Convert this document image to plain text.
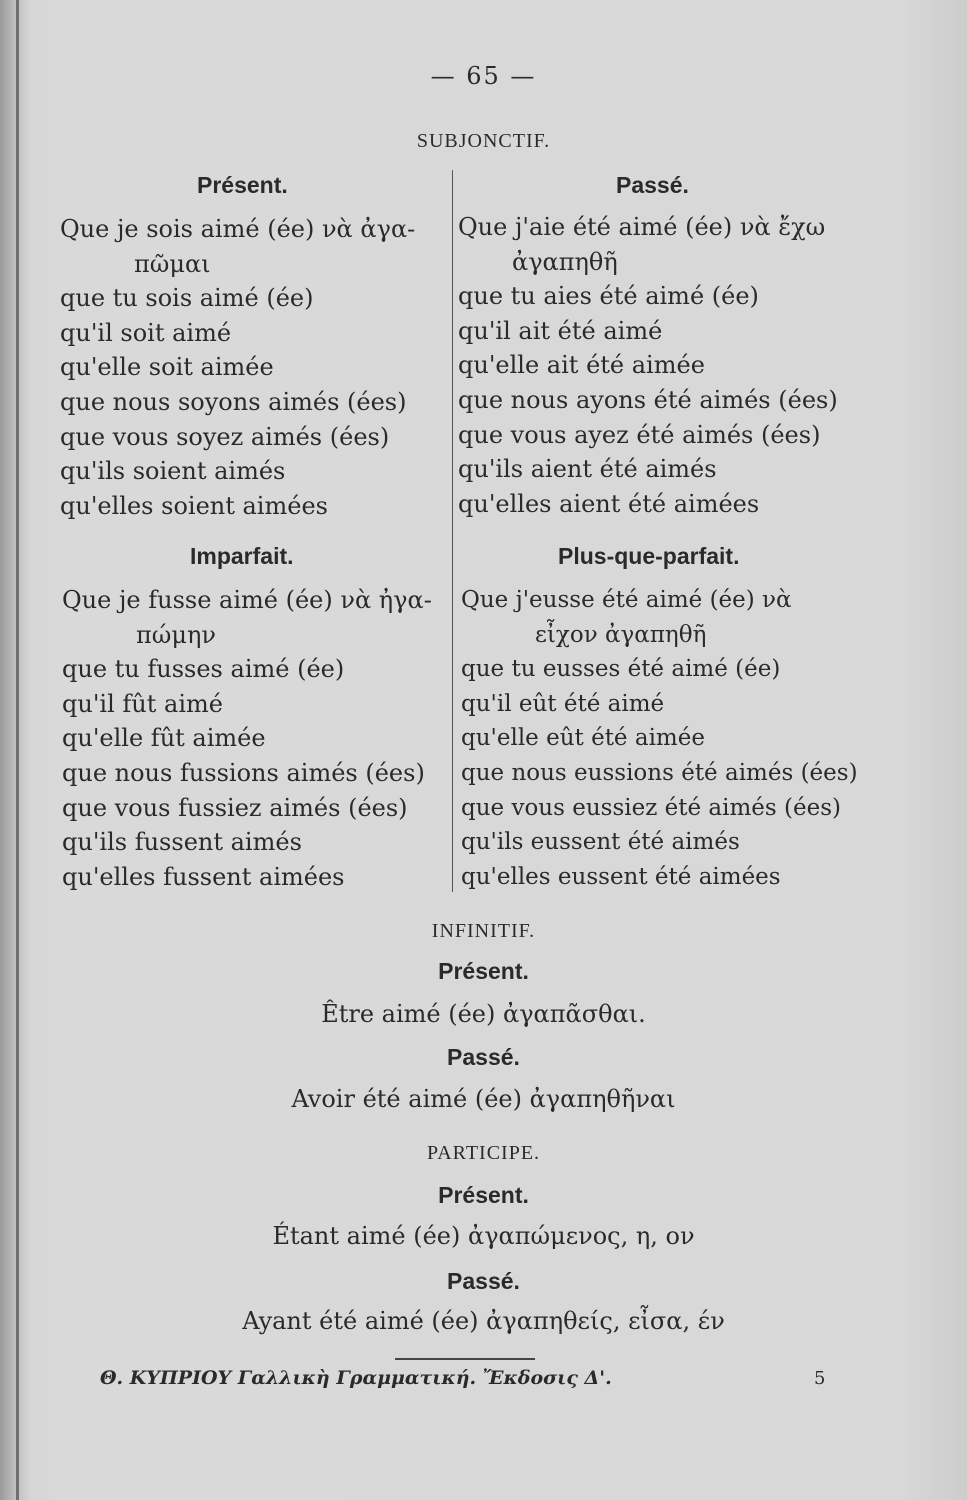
— 65 —
SUBJONCTIF.
Présent.
Que je sois aimé (ée) νὰ ἀγα-
πῶμαι
que tu sois aimé (ée)
qu'il soit aimé
qu'elle soit aimée
que nous soyons aimés (ées)
que vous soyez aimés (ées)
qu'ils soient aimés
qu'elles soient aimées
Passé.
Que j'aie été aimé (ée) νὰ ἔχω
ἀγαπηθῆ
que tu aies été aimé (ée)
qu'il ait été aimé
qu'elle ait été aimée
que nous ayons été aimés (ées)
que vous ayez été aimés (ées)
qu'ils aient été aimés
qu'elles aient été aimées
Imparfait.
Que je fusse aimé (ée) νὰ ἠγα-
πώμην
que tu fusses aimé (ée)
qu'il fût aimé
qu'elle fût aimée
que nous fussions aimés (ées)
que vous fussiez aimés (ées)
qu'ils fussent aimés
qu'elles fussent aimées
Plus-que-parfait.
Que j'eusse été aimé (ée) νὰ
εἶχον ἀγαπηθῆ
que tu eusses été aimé (ée)
qu'il eût été aimé
qu'elle eût été aimée
que nous eussions été aimés (ées)
que vous eussiez été aimés (ées)
qu'ils eussent été aimés
qu'elles eussent été aimées
INFINITIF.
Présent.
Être aimé (ée) ἀγαπᾶσθαι.
Passé.
Avoir été aimé (ée) ἀγαπηθῆναι
PARTICIPE.
Présent.
Étant aimé (ée) ἀγαπώμενος, η, ον
Passé.
Ayant été aimé (ée) ἀγαπηθείς, εἶσα, έν
Θ. ΚΥΠΡΙΟΥ Γαλλικὴ Γραμματική. Ἔκδοσις Δ'.	5
